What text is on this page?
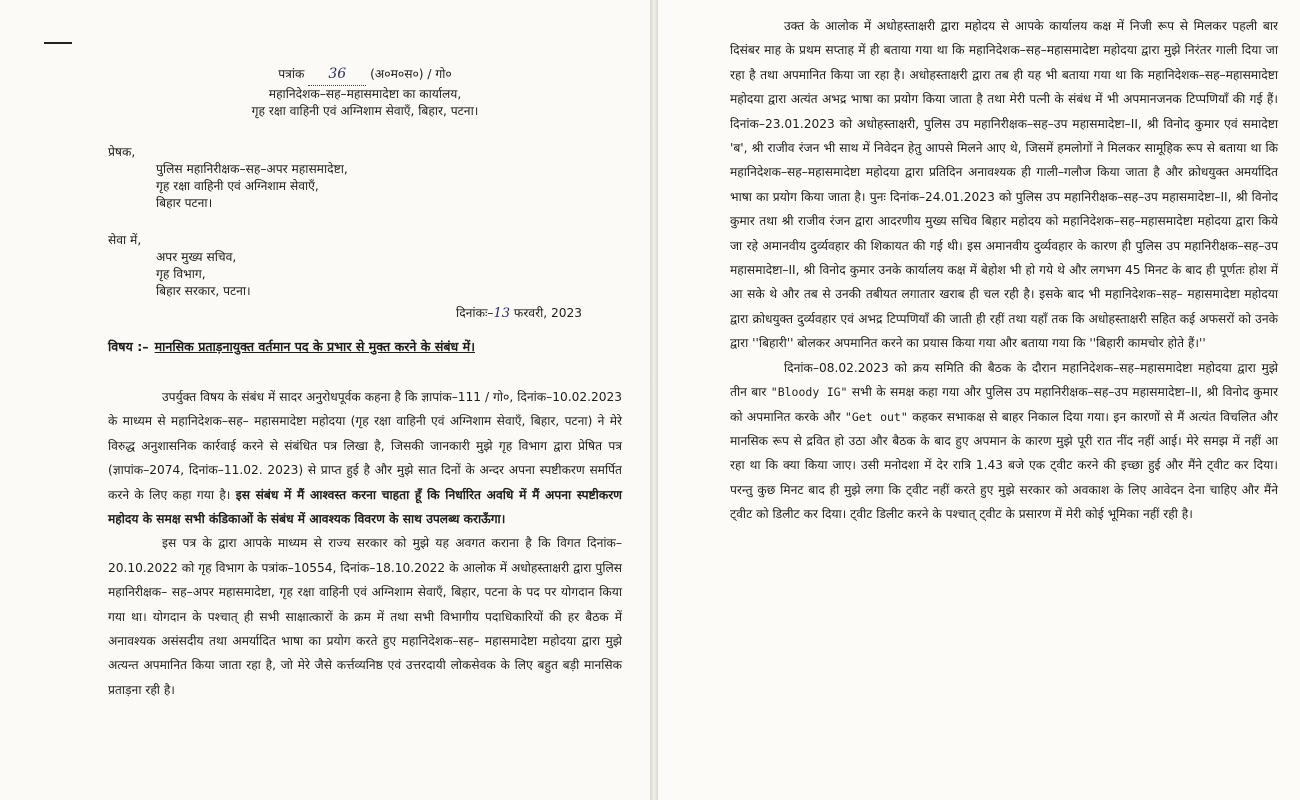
पत्रांक 36 (अ०म०स०) / गो०
महानिदेशक–सह–महासमादेष्टा का कार्यालय,
गृह रक्षा वाहिनी एवं अग्निशाम सेवाएँ, बिहार, पटना।
प्रेषक,
पुलिस महानिरीक्षक–सह–अपर महासमादेष्टा,
गृह रक्षा वाहिनी एवं अग्निशाम सेवाएँ,
बिहार पटना।
सेवा में,
अपर मुख्य सचिव,
गृह विभाग,
बिहार सरकार, पटना।
दिनांकः–13 फरवरी, 2023
विषय :– मानसिक प्रताड़नायुक्त वर्तमान पद के प्रभार से मुक्त करने के संबंध में।

उपर्युक्त विषय के संबंध में सादर अनुरोधपूर्वक कहना है कि ज्ञापांक–111 / गो०, दिनांक–10.02.2023 के माध्यम से महानिदेशक–सह– महासमादेष्टा महोदया (गृह रक्षा वाहिनी एवं अग्निशाम सेवाएँ, बिहार, पटना) ने मेरे विरुद्ध अनुशासनिक कार्रवाई करने से संबंधित पत्र लिखा है, जिसकी जानकारी मुझे गृह विभाग द्वारा प्रेषित पत्र (ज्ञापांक–2074, दिनांक–11.02. 2023) से प्राप्त हुई है और मुझे सात दिनों के अन्दर अपना स्पष्टीकरण समर्पित करने के लिए कहा गया है। इस संबंध में मैं आश्वस्त करना चाहता हूँ कि निर्धारित अवधि में मैं अपना स्पष्टीकरण महोदय के समक्ष सभी कंडिकाओं के संबंध में आवश्यक विवरण के साथ उपलब्ध कराऊँगा।

इस पत्र के द्वारा आपके माध्यम से राज्य सरकार को मुझे यह अवगत कराना है कि विगत दिनांक–20.10.2022 को गृह विभाग के पत्रांक–10554, दिनांक–18.10.2022 के आलोक में अधोहस्ताक्षरी द्वारा पुलिस महानिरीक्षक– सह–अपर महासमादेष्टा, गृह रक्षा वाहिनी एवं अग्निशाम सेवाएँ, बिहार, पटना के पद पर योगदान किया गया था। योगदान के पश्चात् ही सभी साक्षात्कारों के क्रम में तथा सभी विभागीय पदाधिकारियों की हर बैठक में अनावश्यक असंसदीय तथा अमर्यादित भाषा का प्रयोग करते हुए महानिदेशक–सह– महासमादेष्टा महोदया द्वारा मुझे अत्यन्त अपमानित किया जाता रहा है, जो मेरे जैसे कर्त्तव्यनिष्ठ एवं उत्तरदायी लोकसेवक के लिए बहुत बड़ी मानसिक प्रताड़ना रही है।

उक्त के आलोक में अधोहस्ताक्षरी द्वारा महोदय से आपके कार्यालय कक्ष में निजी रूप से मिलकर पहली बार दिसंबर माह के प्रथम सप्ताह में ही बताया गया था कि महानिदेशक–सह–महासमादेष्टा महोदया द्वारा मुझे निरंतर गाली दिया जा रहा है तथा अपमानित किया जा रहा है। अधोहस्ताक्षरी द्वारा तब ही यह भी बताया गया था कि महानिदेशक–सह–महासमादेष्टा महोदया द्वारा अत्यंत अभद्र भाषा का प्रयोग किया जाता है तथा मेरी पत्नी के संबंध में भी अपमानजनक टिप्पणियाँ की गई हैं। दिनांक–23.01.2023 को अधोहस्ताक्षरी, पुलिस उप महानिरीक्षक–सह–उप महासमादेष्टा–II, श्री विनोद कुमार एवं समादेष्टा 'ब', श्री राजीव रंजन भी साथ में निवेदन हेतु आपसे मिलने आए थे, जिसमें हमलोगों ने मिलकर सामूहिक रूप से बताया था कि महानिदेशक–सह–महासमादेष्टा महोदया द्वारा प्रतिदिन अनावश्यक ही गाली–गलौज किया जाता है और क्रोधयुक्त अमर्यादित भाषा का प्रयोग किया जाता है। पुनः दिनांक–24.01.2023 को पुलिस उप महानिरीक्षक–सह–उप महासमादेष्टा–II, श्री विनोद कुमार तथा श्री राजीव रंजन द्वारा आदरणीय मुख्य सचिव बिहार महोदय को महानिदेशक–सह–महासमादेष्टा महोदया द्वारा किये जा रहे अमानवीय दुर्व्यवहार की शिकायत की गई थी। इस अमानवीय दुर्व्यवहार के कारण ही पुलिस उप महानिरीक्षक–सह–उप महासमादेष्टा–II, श्री विनोद कुमार उनके कार्यालय कक्ष में बेहोश भी हो गये थे और लगभग 45 मिनट के बाद ही पूर्णतः होश में आ सके थे और तब से उनकी तबीयत लगातार खराब ही चल रही है। इसके बाद भी महानिदेशक–सह– महासमादेष्टा महोदया द्वारा क्रोधयुक्त दुर्व्यवहार एवं अभद्र टिप्पणियाँ की जाती ही रहीं तथा यहाँ तक कि अधोहस्ताक्षरी सहित कई अफसरों को उनके द्वारा ''बिहारी'' बोलकर अपमानित करने का प्रयास किया गया और बताया गया कि ''बिहारी कामचोर होते हैं।''

दिनांक–08.02.2023 को क्रय समिति की बैठक के दौरान महानिदेशक–सह–महासमादेष्टा महोदया द्वारा मुझे तीन बार "Bloody IG" सभी के समक्ष कहा गया और पुलिस उप महानिरीक्षक–सह–उप महासमादेष्टा–II, श्री विनोद कुमार को अपमानित करके और "Get out" कहकर सभाकक्ष से बाहर निकाल दिया गया। इन कारणों से मैं अत्यंत विचलित और मानसिक रूप से द्रवित हो उठा और बैठक के बाद हुए अपमान के कारण मुझे पूरी रात नींद नहीं आई। मेरे समझ में नहीं आ रहा था कि क्या किया जाए। उसी मनोदशा में देर रात्रि 1.43 बजे एक ट्वीट करने की इच्छा हुई और मैंने ट्वीट कर दिया। परन्तु कुछ मिनट बाद ही मुझे लगा कि ट्वीट नहीं करते हुए मुझे सरकार को अवकाश के लिए आवेदन देना चाहिए और मैंने ट्वीट को डिलीट कर दिया। ट्वीट डिलीट करने के पश्चात् ट्वीट के प्रसारण में मेरी कोई भूमिका नहीं रही है।
